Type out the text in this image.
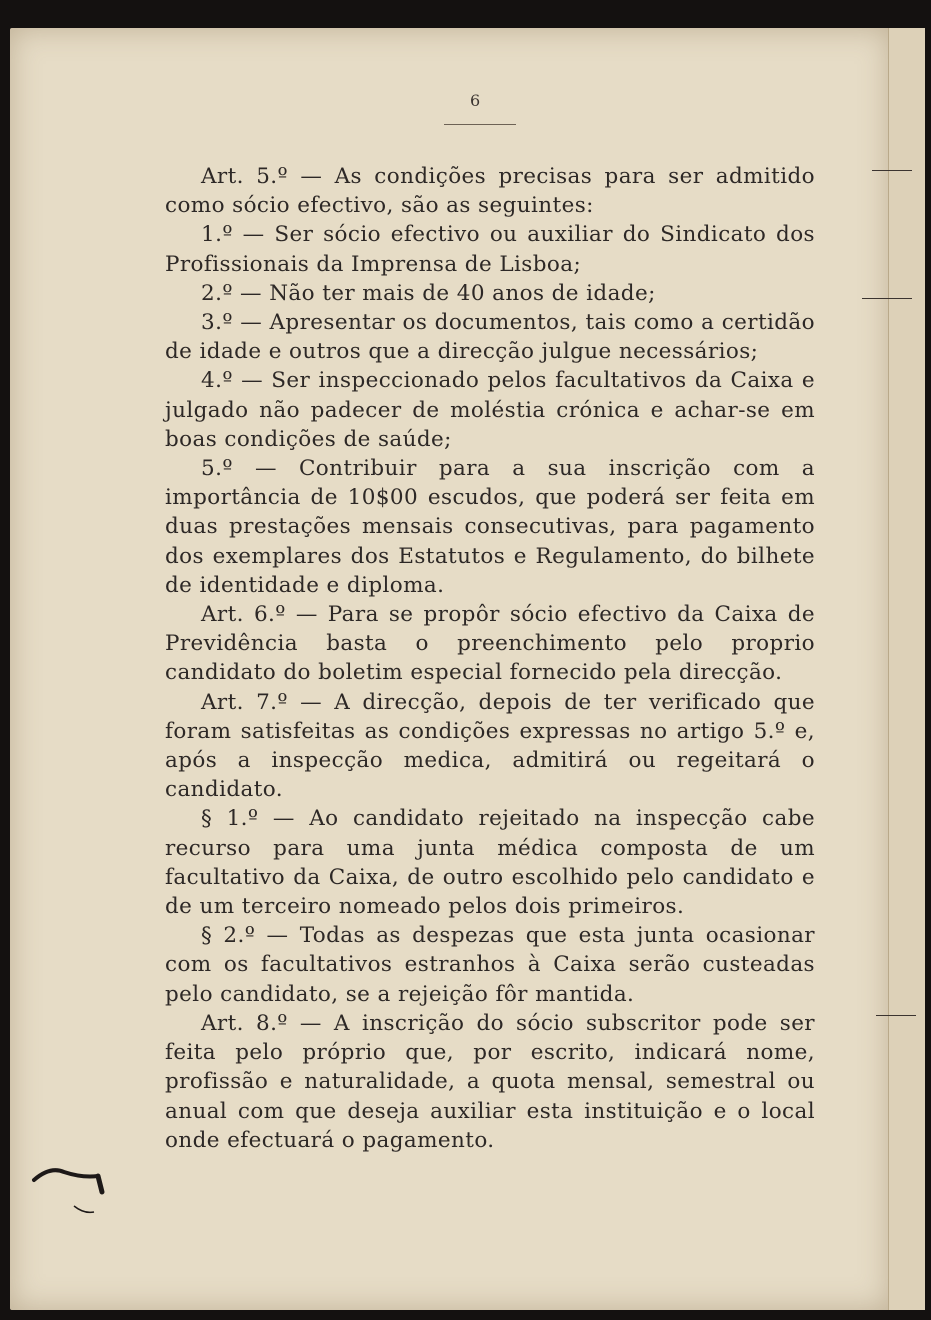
6

Art. 5.º — As condições precisas para ser admitido como sócio efectivo, são as seguintes:

1.º — Ser sócio efectivo ou auxiliar do Sindicato dos Profissionais da Imprensa de Lisboa;

2.º — Não ter mais de 40 anos de idade;

3.º — Apresentar os documentos, tais como a certidão de idade e outros que a direcção julgue necessários;

4.º — Ser inspeccionado pelos facultativos da Caixa e julgado não padecer de moléstia crónica e achar-se em boas condições de saúde;

5.º — Contribuir para a sua inscrição com a importância de 10$00 escudos, que poderá ser feita em duas prestações mensais consecutivas, para pagamento dos exemplares dos Estatutos e Regulamento, do bilhete de identidade e diploma.

Art. 6.º — Para se propôr sócio efectivo da Caixa de Previdência basta o preenchimento pelo proprio candidato do boletim especial fornecido pela direcção.

Art. 7.º — A direcção, depois de ter verificado que foram satisfeitas as condições expressas no artigo 5.º e, após a inspecção medica, admitirá ou regeitará o candidato.

§ 1.º — Ao candidato rejeitado na inspecção cabe recurso para uma junta médica composta de um facultativo da Caixa, de outro escolhido pelo candidato e de um terceiro nomeado pelos dois primeiros.

§ 2.º — Todas as despezas que esta junta ocasionar com os facultativos estranhos à Caixa serão custeadas pelo candidato, se a rejeição fôr mantida.

Art. 8.º — A inscrição do sócio subscritor pode ser feita pelo próprio que, por escrito, indicará nome, profissão e naturalidade, a quota mensal, semestral ou anual com que deseja auxiliar esta instituição e o local onde efectuará o pagamento.
